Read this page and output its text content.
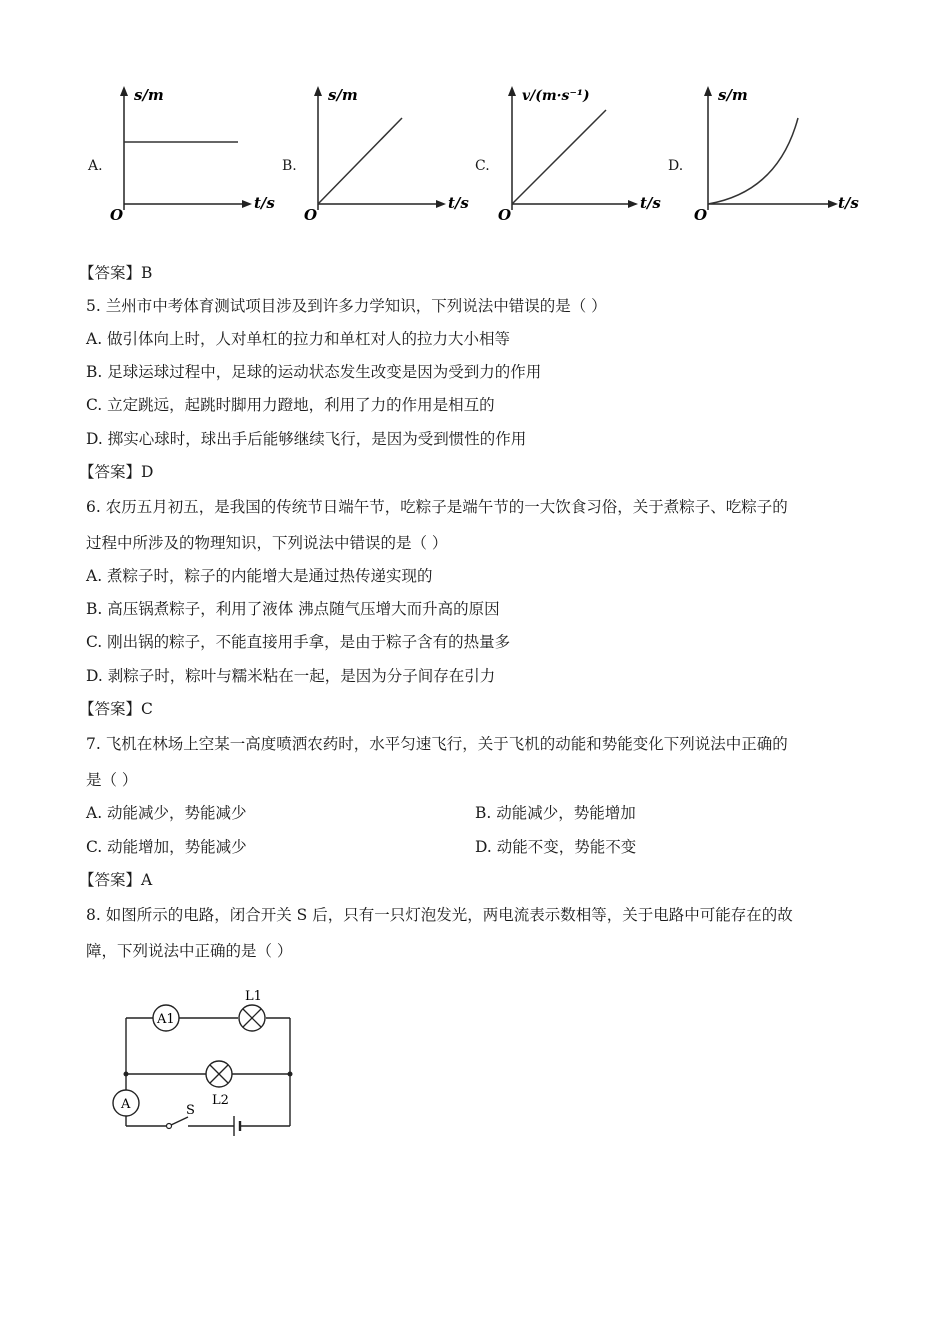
A.
s/m
t/s
O
B.
s/m
t/s
O
C.
v/(m·s⁻¹)
t/s
O
D.
s/m
t/s
O
【答案】B
5. 兰州市中考体育测试项目涉及到许多力学知识，下列说法中错误的是（ ）
A. 做引体向上时，人对单杠的拉力和单杠对人的拉力大小相等
B. 足球运球过程中，足球的运动状态发生改变是因为受到力的作用
C. 立定跳远，起跳时脚用力蹬地，利用了力的作用是相互的
D. 掷实心球时，球出手后能够继续飞行，是因为受到惯性的作用
【答案】D
6. 农历五月初五，是我国的传统节日端午节，吃粽子是端午节的一大饮食习俗，关于煮粽子、吃粽子的
过程中所涉及的物理知识，下列说法中错误的是（ ）
A. 煮粽子时，粽子的内能增大是通过热传递实现的
B. 高压锅煮粽子，利用了液体 沸点随气压增大而升高的原因
C. 刚出锅的粽子，不能直接用手拿，是由于粽子含有的热量多
D. 剥粽子时，粽叶与糯米粘在一起，是因为分子间存在引力
【答案】C
7. 飞机在林场上空某一高度喷洒农药时，水平匀速飞行，关于飞机的动能和势能变化下列说法中正确的
是（ ）
A. 动能减少，势能减少	B. 动能减少，势能增加
C. 动能增加，势能减少	D. 动能不变，势能不变
【答案】A
8. 如图所示的电路，闭合开关 S 后，只有一只灯泡发光，两电流表示数相等，关于电路中可能存在的故
障，下列说法中正确的是（ ）
A1
L1
L2
A	S
